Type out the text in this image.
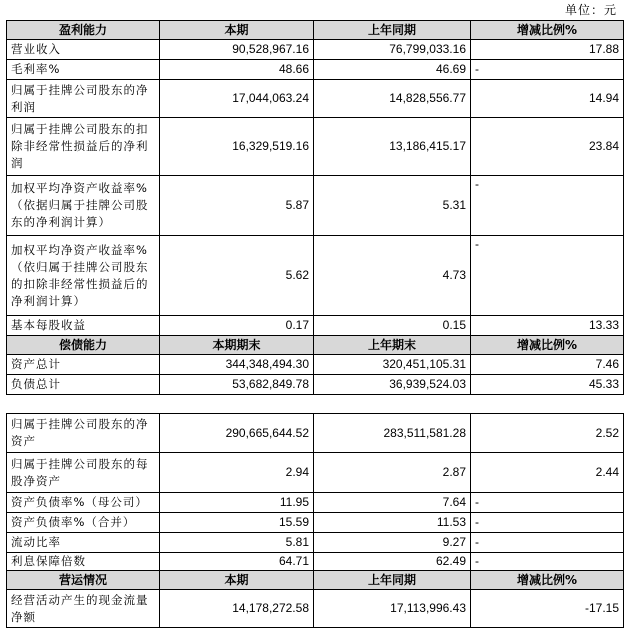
单位：元
盈利能力	本期	上年同期	增减比例%
营业收入	90,528,967.16	76,799,033.16	17.88
毛利率%	48.66	46.69	-
归属于挂牌公司股东的净利润	17,044,063.24	14,828,556.77	14.94
归属于挂牌公司股东的扣除非经常性损益后的净利润	16,329,519.16	13,186,415.17	23.84
加权平均净资产收益率%（依据归属于挂牌公司股东的净利润计算）	5.87	5.31	-
加权平均净资产收益率%（依归属于挂牌公司股东的扣除非经常性损益后的净利润计算）	5.62	4.73	-
基本每股收益	0.17	0.15	13.33
偿债能力	本期期末	上年期末	增减比例%
资产总计	344,348,494.30	320,451,105.31	7.46
负债总计	53,682,849.78	36,939,524.03	45.33
归属于挂牌公司股东的净资产	290,665,644.52	283,511,581.28	2.52
归属于挂牌公司股东的每股净资产	2.94	2.87	2.44
资产负债率%（母公司）	11.95	7.64	-
资产负债率%（合并）	15.59	11.53	-
流动比率	5.81	9.27	-
利息保障倍数	64.71	62.49	-
营运情况	本期	上年同期	增减比例%
经营活动产生的现金流量净额	14,178,272.58	17,113,996.43	-17.15
